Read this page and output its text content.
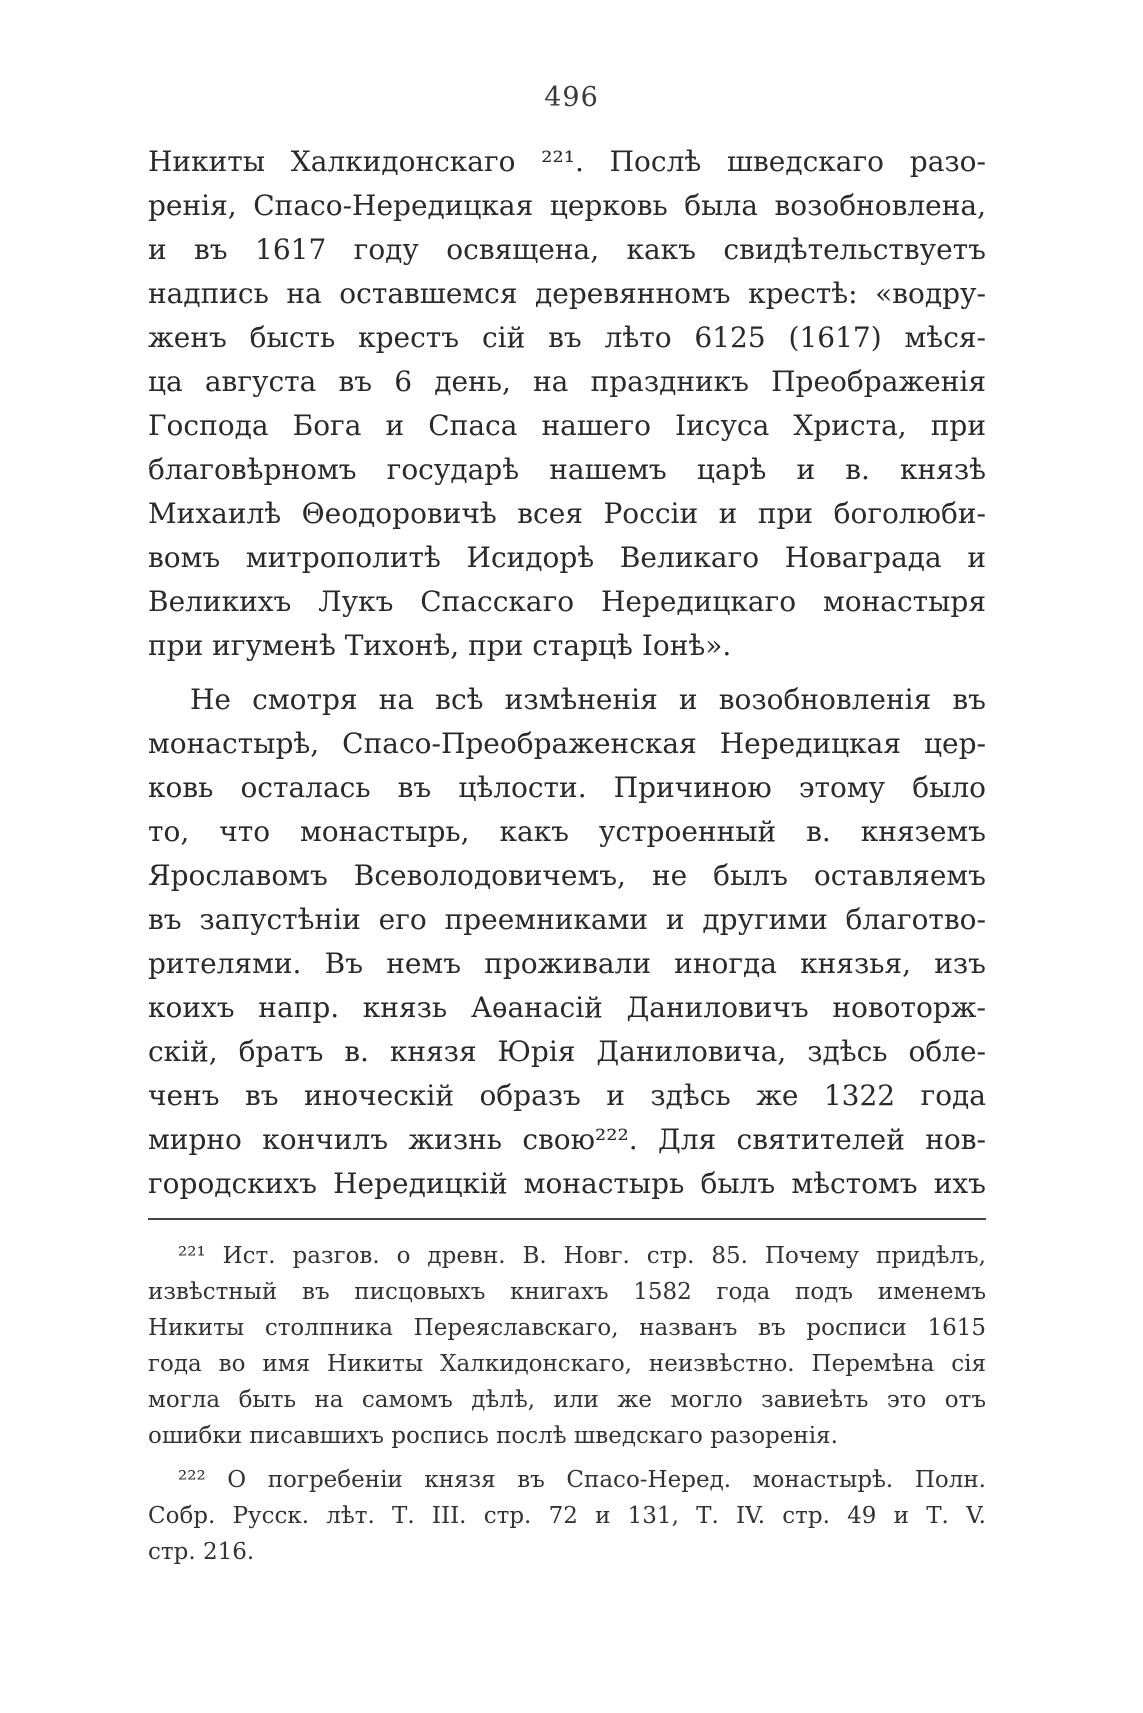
496
Никиты Халкидонскаго ²²¹. Послѣ шведскаго разо-
ренія, Спасо-Нередицкая церковь была возобновлена,
и въ 1617 году освящена, какъ свидѣтельствуетъ
надпись на оставшемся деревянномъ крестѣ: «водру-
женъ бысть крестъ сій въ лѣто 6125 (1617) мѣся-
ца августа въ 6 день, на праздникъ Преображенія
Господа Бога и Спаса нашего Іисуса Христа, при
благовѣрномъ государѣ нашемъ царѣ и в. князѣ
Михаилѣ Θеодоровичѣ всея Россіи и при боголюби-
вомъ митрополитѣ Исидорѣ Великаго Новаграда и
Великихъ Лукъ Спасскаго Нередицкаго монастыря
при игуменѣ Тихонѣ, при старцѣ Іонѣ».
Не смотря на всѣ измѣненія и возобновленія въ
монастырѣ, Спасо-Преображенская Нередицкая цер-
ковь осталась въ цѣлости. Причиною этому было
то, что монастырь, какъ устроенный в. княземъ
Ярославомъ Всеволодовичемъ, не былъ оставляемъ
въ запустѣніи его преемниками и другими благотво-
рителями. Въ немъ проживали иногда князья, изъ
коихъ напр. князь Аѳанасій Даниловичъ новоторж-
скій, братъ в. князя Юрія Даниловича, здѣсь обле-
ченъ въ иноческій образъ и здѣсь же 1322 года
мирно кончилъ жизнь свою²²². Для святителей нов-
городскихъ Нередицкій монастырь былъ мѣстомъ ихъ
²²¹ Ист. разгов. о древн. В. Новг. стр. 85. Почему придѣлъ,
извѣстный въ писцовыхъ книгахъ 1582 года подъ именемъ
Никиты столпника Переяславскаго, названъ въ росписи 1615
года во имя Никиты Халкидонскаго, неизвѣстно. Перемѣна сія
могла быть на самомъ дѣлѣ, или же могло завиеѣть это отъ
ошибки писавшихъ роспись послѣ шведскаго разоренія.
²²² О погребеніи князя въ Спасо-Неред. монастырѣ. Полн.
Собр. Русск. лѣт. Т. III. стр. 72 и 131, Т. IV. стр. 49 и Т. V.
стр. 216.
